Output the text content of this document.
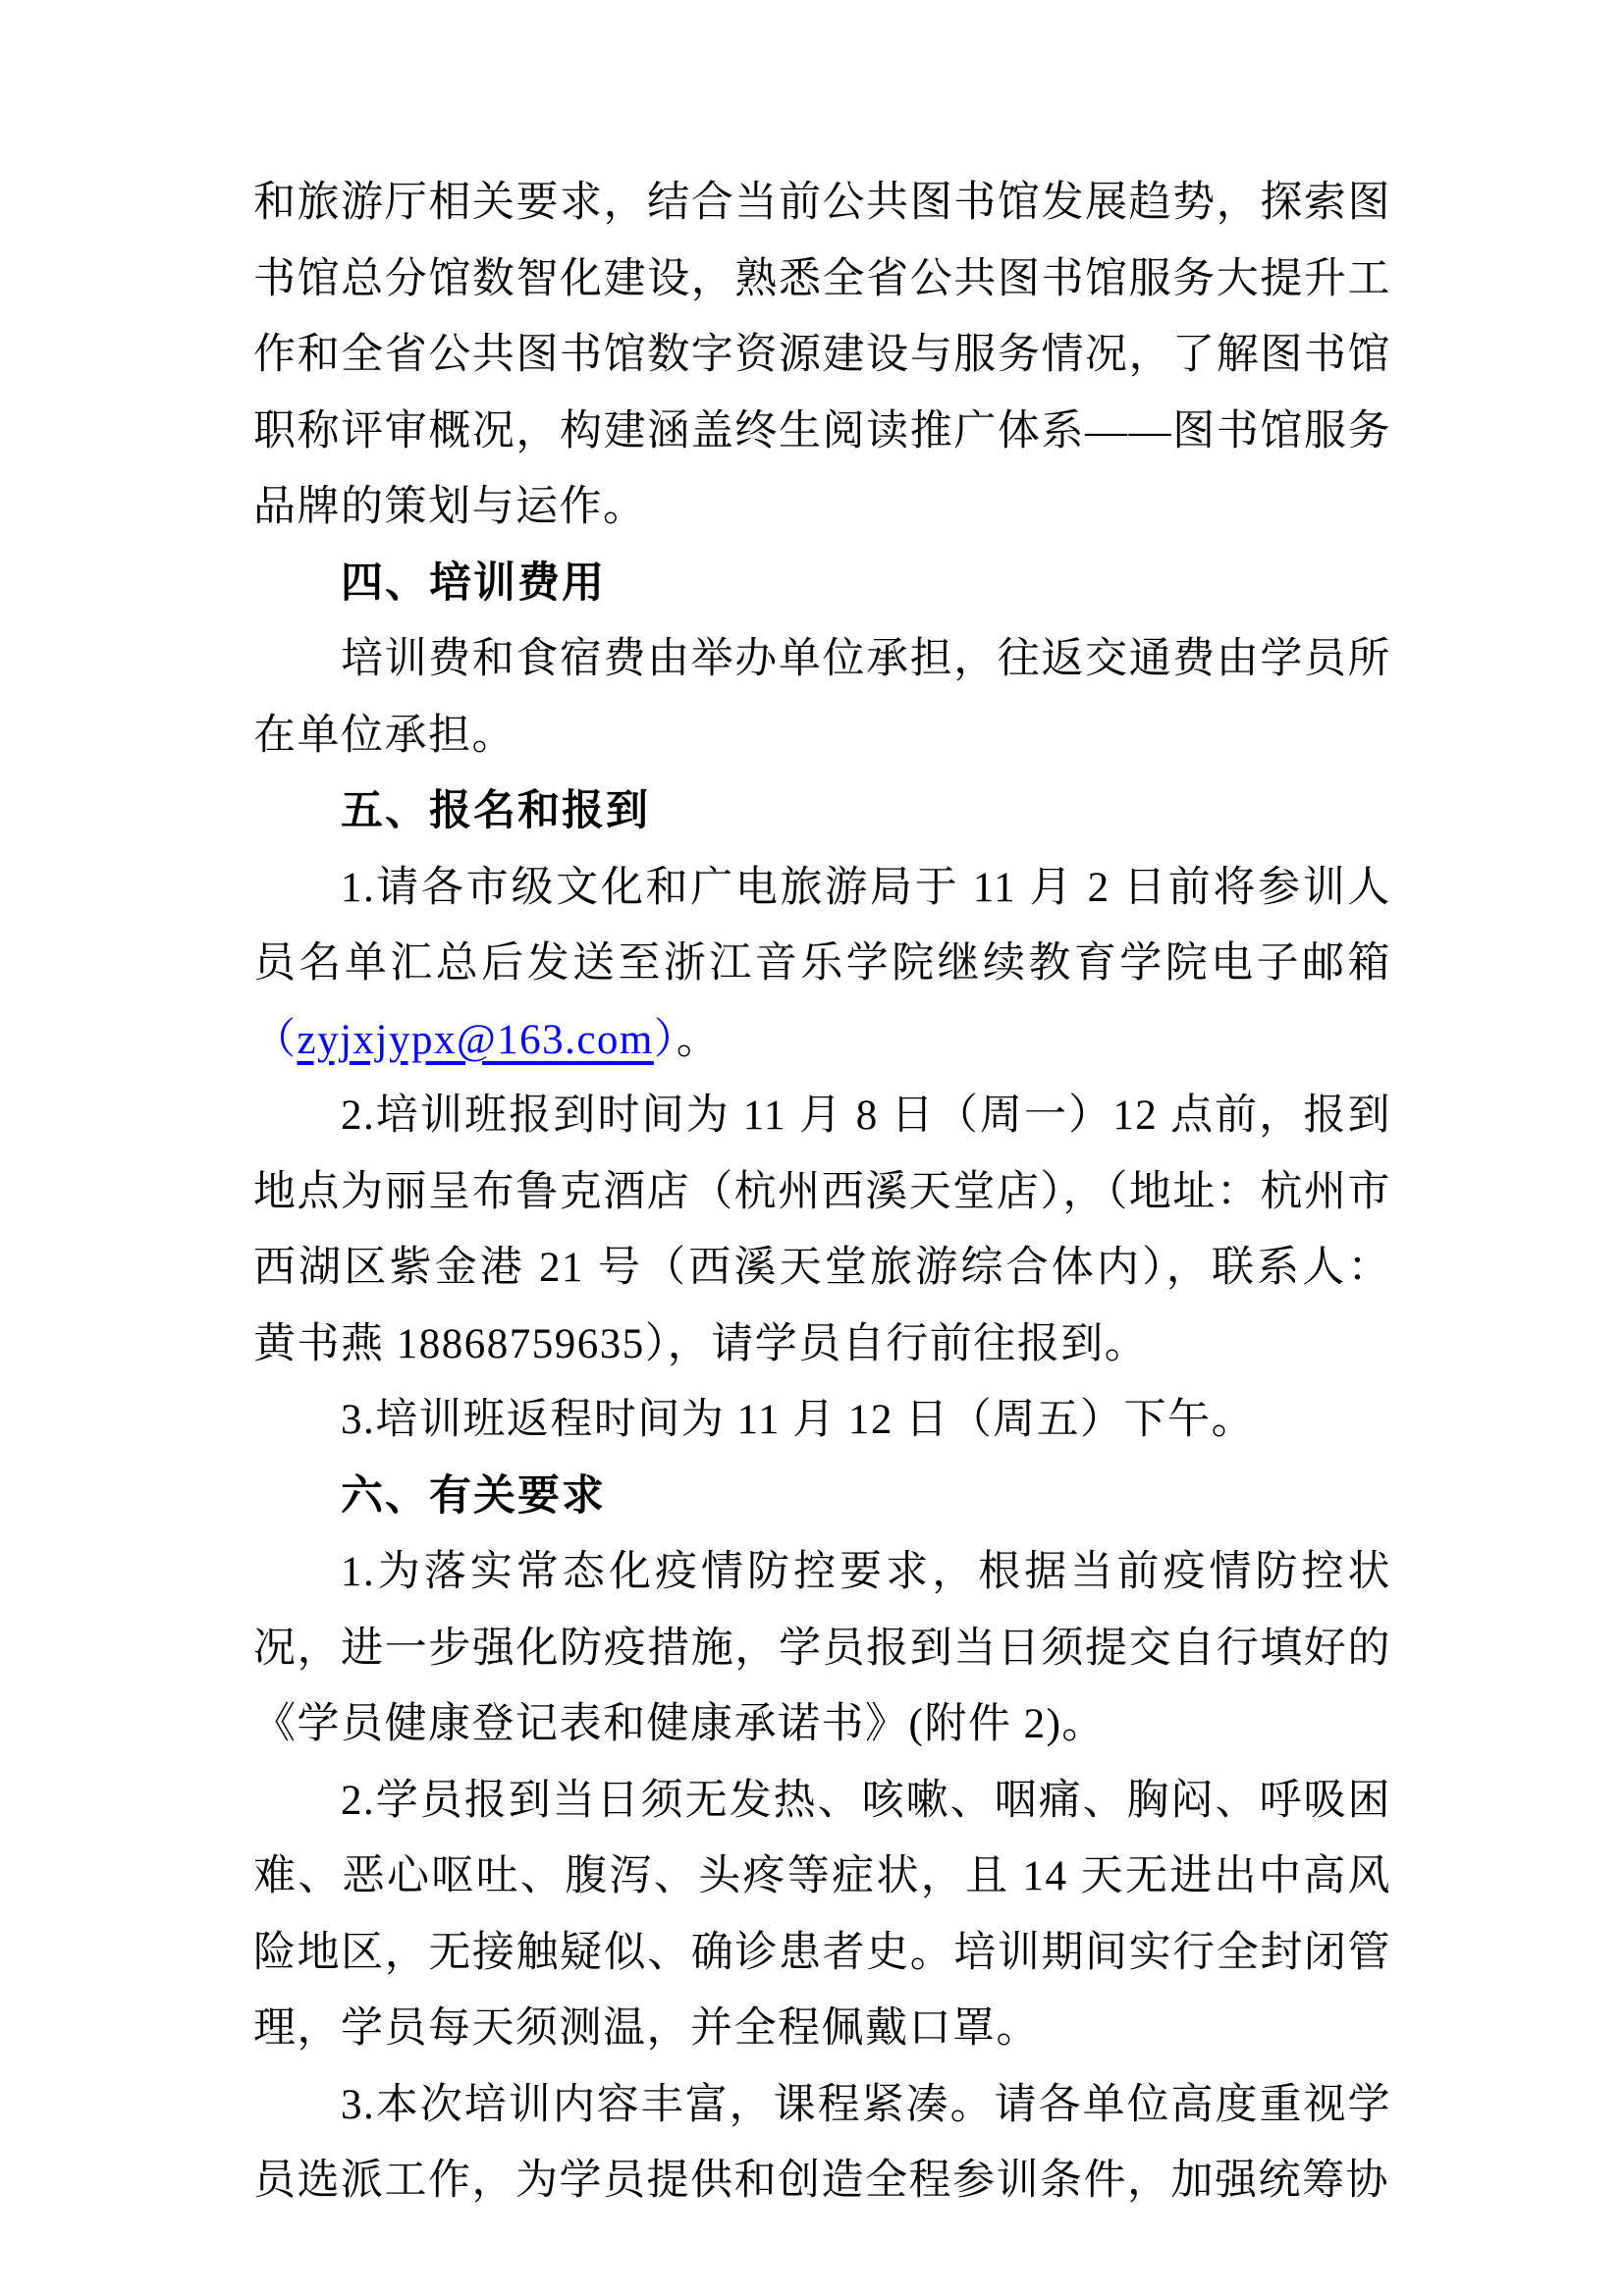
和旅游厅相关要求，结合当前公共图书馆发展趋势，探索图书馆总分馆数智化建设，熟悉全省公共图书馆服务大提升工作和全省公共图书馆数字资源建设与服务情况，了解图书馆职称评审概况，构建涵盖终生阅读推广体系——图书馆服务品牌的策划与运作。

四、培训费用

培训费和食宿费由举办单位承担，往返交通费由学员所在单位承担。

五、报名和报到

1.请各市级文化和广电旅游局于 11 月 2 日前将参训人员名单汇总后发送至浙江音乐学院继续教育学院电子邮箱（zyjxjypx@163.com）。

2.培训班报到时间为 11 月 8 日（周一）12 点前，报到地点为丽呈布鲁克酒店（杭州西溪天堂店），（地址：杭州市西湖区紫金港 21 号（西溪天堂旅游综合体内），联系人：黄书燕 18868759635），请学员自行前往报到。

3.培训班返程时间为 11 月 12 日（周五）下午。

六、有关要求

1.为落实常态化疫情防控要求，根据当前疫情防控状况，进一步强化防疫措施，学员报到当日须提交自行填好的《学员健康登记表和健康承诺书》(附件 2)。

2.学员报到当日须无发热、咳嗽、咽痛、胸闷、呼吸困难、恶心呕吐、腹泻、头疼等症状，且 14 天无进出中高风险地区，无接触疑似、确诊患者史。培训期间实行全封闭管理，学员每天须测温，并全程佩戴口罩。

3.本次培训内容丰富，课程紧凑。请各单位高度重视学员选派工作，为学员提供和创造全程参训条件，加强统筹协
